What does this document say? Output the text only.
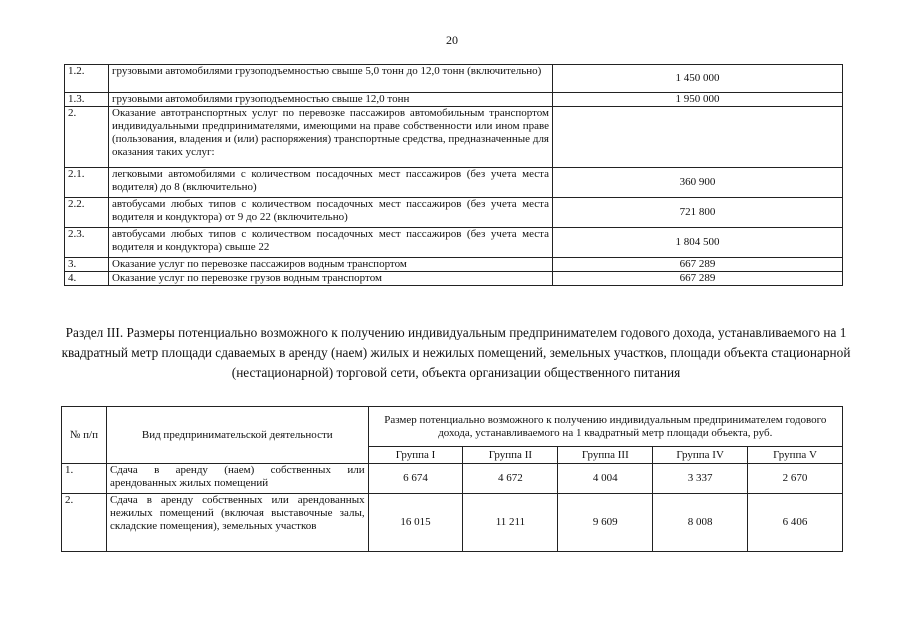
20
1.2.	грузовыми автомобилями грузоподъемностью свыше 5,0 тонн до 12,0 тонн (включительно)	1 450 000
1.3.	грузовыми автомобилями грузоподъемностью свыше 12,0 тонн	1 950 000
2.	Оказание автотранспортных услуг по перевозке пассажиров автомобильным транспортом индивидуальными предпринимателями, имеющими на праве собственности или ином праве (пользования, владения и (или) распоряжения) транспортные средства, предназначенные для оказания таких услуг:	
2.1.	легковыми автомобилями с количеством посадочных мест пассажиров (без учета места водителя) до 8 (включительно)	360 900
2.2.	автобусами любых типов с количеством посадочных мест пассажиров (без учета места водителя и кондуктора) от 9 до 22 (включительно)	721 800
2.3.	автобусами любых типов с количеством посадочных мест пассажиров (без учета места водителя и кондуктора) свыше 22	1 804 500
3.	Оказание услуг по перевозке пассажиров водным транспортом	667 289
4.	Оказание услуг по перевозке грузов водным транспортом	667 289
Раздел III. Размеры потенциально возможного к получению индивидуальным предпринимателем годового дохода, устанавливаемого на 1 квадратный метр площади сдаваемых в аренду (наем) жилых и нежилых помещений, земельных участков, площади объекта стационарной (нестационарной) торговой сети, объекта организации общественного питания
№ п/п	Вид предпринимательской деятельности	Размер потенциально возможного к получению индивидуальным предпринимателем годового дохода, устанавливаемого на 1 квадратный метр площади объекта, руб.				
		Группа I	Группа II	Группа III	Группа IV	Группа V
1.	Сдача в аренду (наем) собственных или арендованных жилых помещений	6 674	4 672	4 004	3 337	2 670
2.	Сдача в аренду собственных или арендованных нежилых помещений (включая выставочные залы, складские помещения), земельных участков	16 015	11 211	9 609	8 008	6 406
